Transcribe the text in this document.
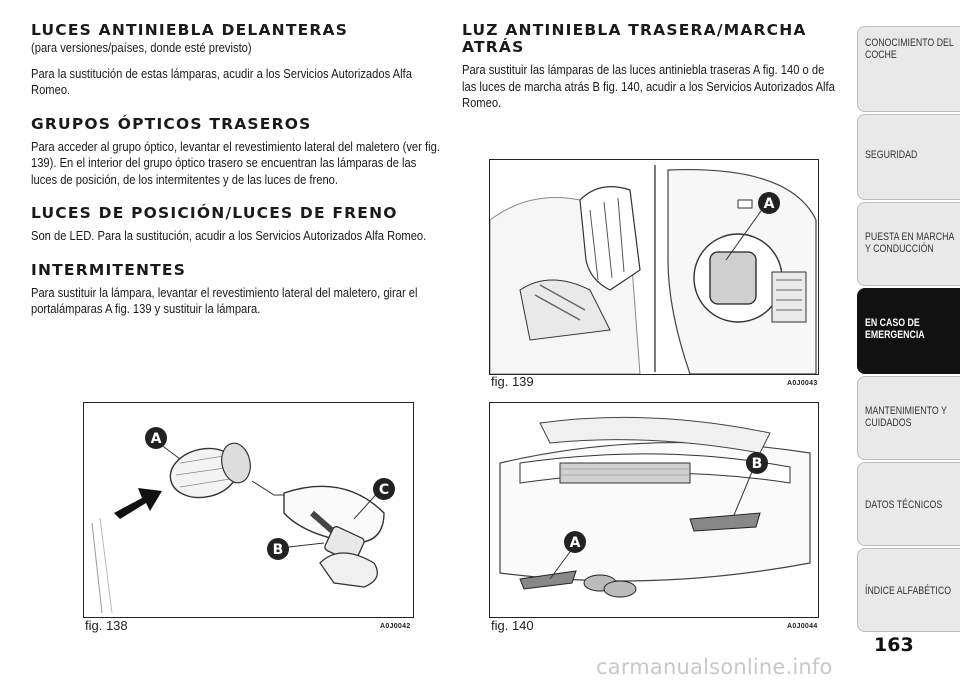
LUCES ANTINIEBLA DELANTERAS

(para versiones/países, donde esté previsto)

Para la sustitución de estas lámparas, acudir a los Servicios Autorizados Alfa Romeo.

GRUPOS ÓPTICOS TRASEROS

Para acceder al grupo óptico, levantar el revestimiento lateral del maletero (ver fig. 139). En el interior del grupo óptico trasero se encuentran las lámparas de las luces de posición, de los intermitentes y de las luces de freno.

LUCES DE POSICIÓN/LUCES DE FRENO

Son de LED. Para la sustitución, acudir a los Servicios Autorizados Alfa Romeo.

INTERMITENTES

Para sustituir la lámpara, levantar el revestimiento lateral del maletero, girar el portalámparas A fig. 139 y sustituir la lámpara.

LUZ ANTINIEBLA TRASERA/MARCHA ATRÁS

Para sustituir las lámparas de las luces antiniebla traseras A fig. 140 o de las luces de marcha atrás B fig. 140, acudir a los Servicios Autorizados Alfa Romeo.

A
C
B
fig. 138	A0J0042
A
fig. 139	A0J0043
B
A
fig. 140	A0J0044
CONOCIMIENTO DEL COCHE
SEGURIDAD
PUESTA EN MARCHA Y CONDUCCIÓN
EN CASO DE EMERGENCIA
MANTENIMIENTO Y CUIDADOS
DATOS TÉCNICOS
ÍNDICE ALFABÉTICO
163
carmanualsonline.info
